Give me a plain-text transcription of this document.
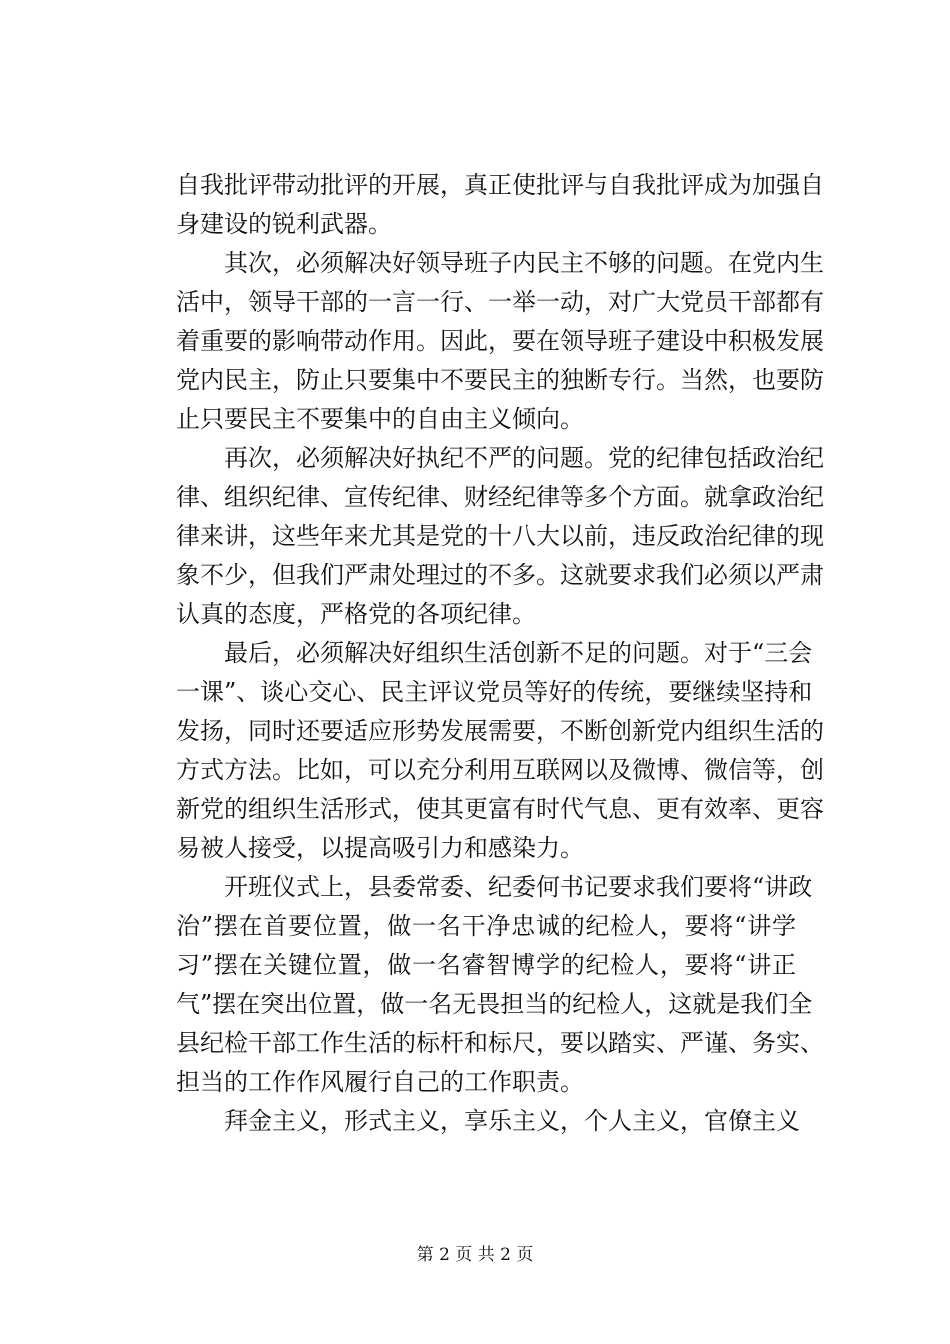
自我批评带动批评的开展，真正使批评与自我批评成为加强自
身建设的锐利武器。
其次，必须解决好领导班子内民主不够的问题。在党内生
活中，领导干部的一言一行、一举一动，对广大党员干部都有
着重要的影响带动作用。因此，要在领导班子建设中积极发展
党内民主，防止只要集中不要民主的独断专行。当然，也要防
止只要民主不要集中的自由主义倾向。
再次，必须解决好执纪不严的问题。党的纪律包括政治纪
律、组织纪律、宣传纪律、财经纪律等多个方面。就拿政治纪
律来讲，这些年来尤其是党的十八大以前，违反政治纪律的现
象不少，但我们严肃处理过的不多。这就要求我们必须以严肃
认真的态度，严格党的各项纪律。
最后，必须解决好组织生活创新不足的问题。对于“三会
一课”、谈心交心、民主评议党员等好的传统，要继续坚持和
发扬，同时还要适应形势发展需要，不断创新党内组织生活的
方式方法。比如，可以充分利用互联网以及微博、微信等，创
新党的组织生活形式，使其更富有时代气息、更有效率、更容
易被人接受，以提高吸引力和感染力。
开班仪式上，县委常委、纪委何书记要求我们要将“讲政
治”摆在首要位置，做一名干净忠诚的纪检人，要将“讲学
习”摆在关键位置，做一名睿智博学的纪检人，要将“讲正
气”摆在突出位置，做一名无畏担当的纪检人，这就是我们全
县纪检干部工作生活的标杆和标尺，要以踏实、严谨、务实、
担当的工作作风履行自己的工作职责。
拜金主义，形式主义，享乐主义，个人主义，官僚主义
第 2 页 共 2 页
